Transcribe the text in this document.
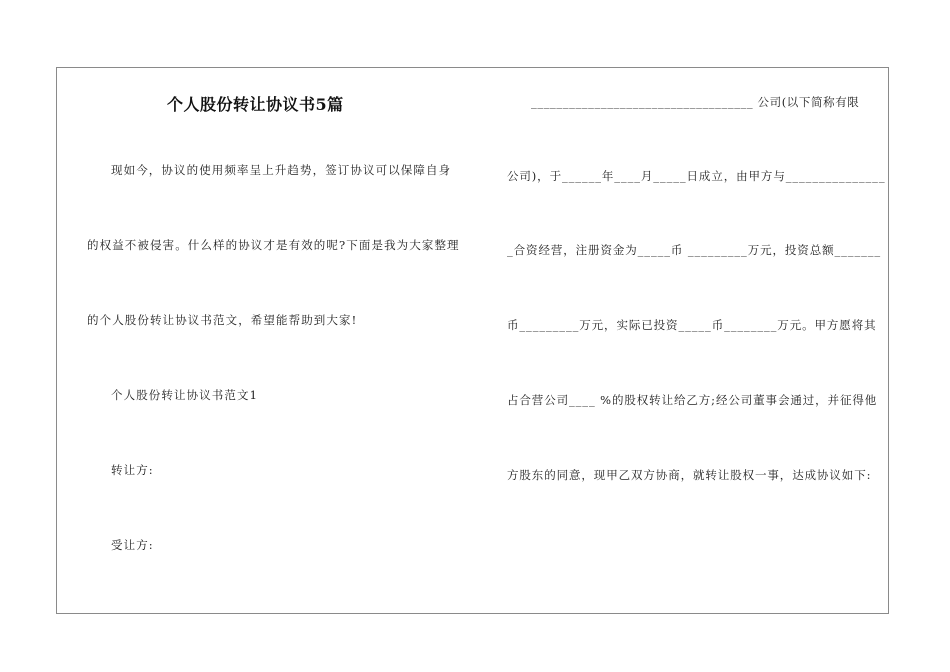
个人股份转让协议书5篇
现如今，协议的使用频率呈上升趋势，签订协议可以保障自身
的权益不被侵害。什么样的协议才是有效的呢?下面是我为大家整理
的个人股份转让协议书范文，希望能帮助到大家!
个人股份转让协议书范文1
转让方:
受让方:
___________________________________ 公司(以下简称有限
公司)，于______年____月_____日成立，由甲方与_______________
_合资经营，注册资金为_____币 _________万元，投资总额_______
币_________万元，实际已投资_____币________万元。甲方愿将其
占合营公司____ %的股权转让给乙方;经公司董事会通过，并征得他
方股东的同意，现甲乙双方协商，就转让股权一事，达成协议如下:
